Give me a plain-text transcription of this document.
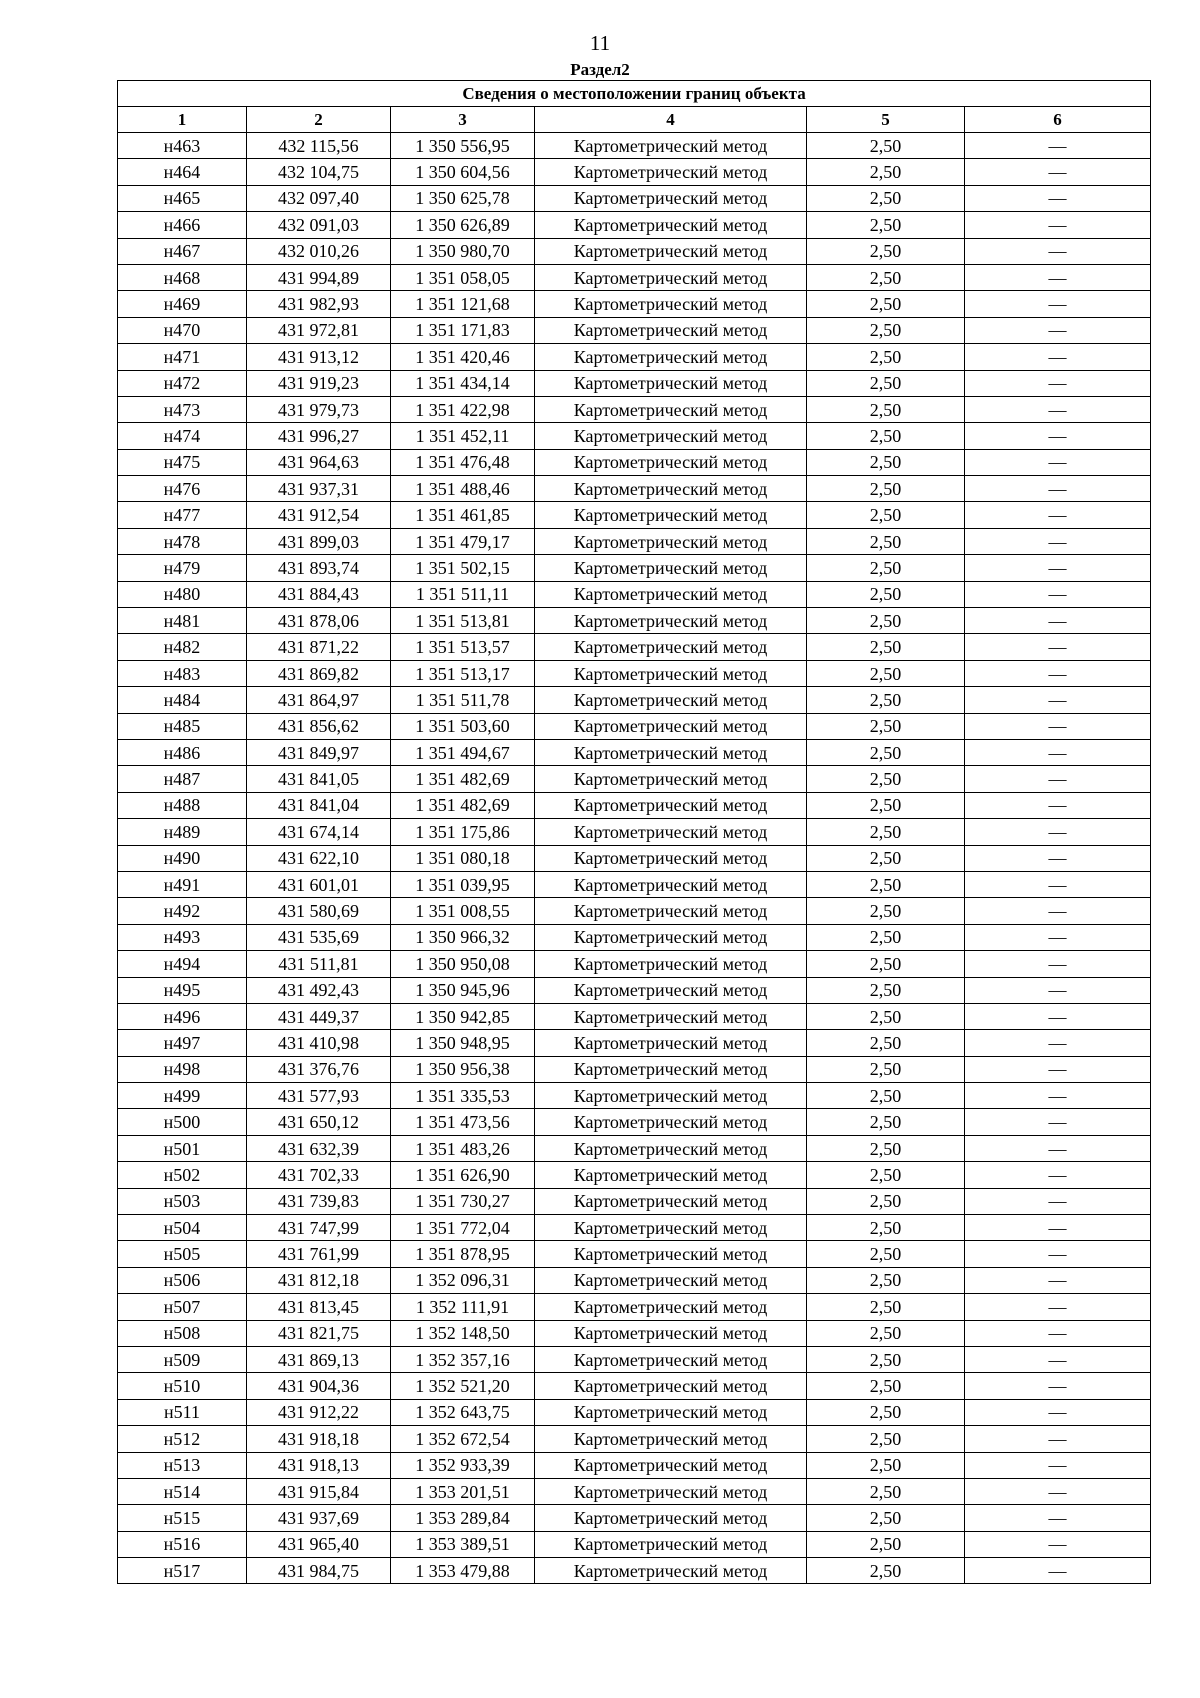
11
Раздел2
Сведения о местоположении границ объекта					
1	2	3	4	5	6
н463	432 115,56	1 350 556,95	Картометрический метод	2,50	—
н464	432 104,75	1 350 604,56	Картометрический метод	2,50	—
н465	432 097,40	1 350 625,78	Картометрический метод	2,50	—
н466	432 091,03	1 350 626,89	Картометрический метод	2,50	—
н467	432 010,26	1 350 980,70	Картометрический метод	2,50	—
н468	431 994,89	1 351 058,05	Картометрический метод	2,50	—
н469	431 982,93	1 351 121,68	Картометрический метод	2,50	—
н470	431 972,81	1 351 171,83	Картометрический метод	2,50	—
н471	431 913,12	1 351 420,46	Картометрический метод	2,50	—
н472	431 919,23	1 351 434,14	Картометрический метод	2,50	—
н473	431 979,73	1 351 422,98	Картометрический метод	2,50	—
н474	431 996,27	1 351 452,11	Картометрический метод	2,50	—
н475	431 964,63	1 351 476,48	Картометрический метод	2,50	—
н476	431 937,31	1 351 488,46	Картометрический метод	2,50	—
н477	431 912,54	1 351 461,85	Картометрический метод	2,50	—
н478	431 899,03	1 351 479,17	Картометрический метод	2,50	—
н479	431 893,74	1 351 502,15	Картометрический метод	2,50	—
н480	431 884,43	1 351 511,11	Картометрический метод	2,50	—
н481	431 878,06	1 351 513,81	Картометрический метод	2,50	—
н482	431 871,22	1 351 513,57	Картометрический метод	2,50	—
н483	431 869,82	1 351 513,17	Картометрический метод	2,50	—
н484	431 864,97	1 351 511,78	Картометрический метод	2,50	—
н485	431 856,62	1 351 503,60	Картометрический метод	2,50	—
н486	431 849,97	1 351 494,67	Картометрический метод	2,50	—
н487	431 841,05	1 351 482,69	Картометрический метод	2,50	—
н488	431 841,04	1 351 482,69	Картометрический метод	2,50	—
н489	431 674,14	1 351 175,86	Картометрический метод	2,50	—
н490	431 622,10	1 351 080,18	Картометрический метод	2,50	—
н491	431 601,01	1 351 039,95	Картометрический метод	2,50	—
н492	431 580,69	1 351 008,55	Картометрический метод	2,50	—
н493	431 535,69	1 350 966,32	Картометрический метод	2,50	—
н494	431 511,81	1 350 950,08	Картометрический метод	2,50	—
н495	431 492,43	1 350 945,96	Картометрический метод	2,50	—
н496	431 449,37	1 350 942,85	Картометрический метод	2,50	—
н497	431 410,98	1 350 948,95	Картометрический метод	2,50	—
н498	431 376,76	1 350 956,38	Картометрический метод	2,50	—
н499	431 577,93	1 351 335,53	Картометрический метод	2,50	—
н500	431 650,12	1 351 473,56	Картометрический метод	2,50	—
н501	431 632,39	1 351 483,26	Картометрический метод	2,50	—
н502	431 702,33	1 351 626,90	Картометрический метод	2,50	—
н503	431 739,83	1 351 730,27	Картометрический метод	2,50	—
н504	431 747,99	1 351 772,04	Картометрический метод	2,50	—
н505	431 761,99	1 351 878,95	Картометрический метод	2,50	—
н506	431 812,18	1 352 096,31	Картометрический метод	2,50	—
н507	431 813,45	1 352 111,91	Картометрический метод	2,50	—
н508	431 821,75	1 352 148,50	Картометрический метод	2,50	—
н509	431 869,13	1 352 357,16	Картометрический метод	2,50	—
н510	431 904,36	1 352 521,20	Картометрический метод	2,50	—
н511	431 912,22	1 352 643,75	Картометрический метод	2,50	—
н512	431 918,18	1 352 672,54	Картометрический метод	2,50	—
н513	431 918,13	1 352 933,39	Картометрический метод	2,50	—
н514	431 915,84	1 353 201,51	Картометрический метод	2,50	—
н515	431 937,69	1 353 289,84	Картометрический метод	2,50	—
н516	431 965,40	1 353 389,51	Картометрический метод	2,50	—
н517	431 984,75	1 353 479,88	Картометрический метод	2,50	—
